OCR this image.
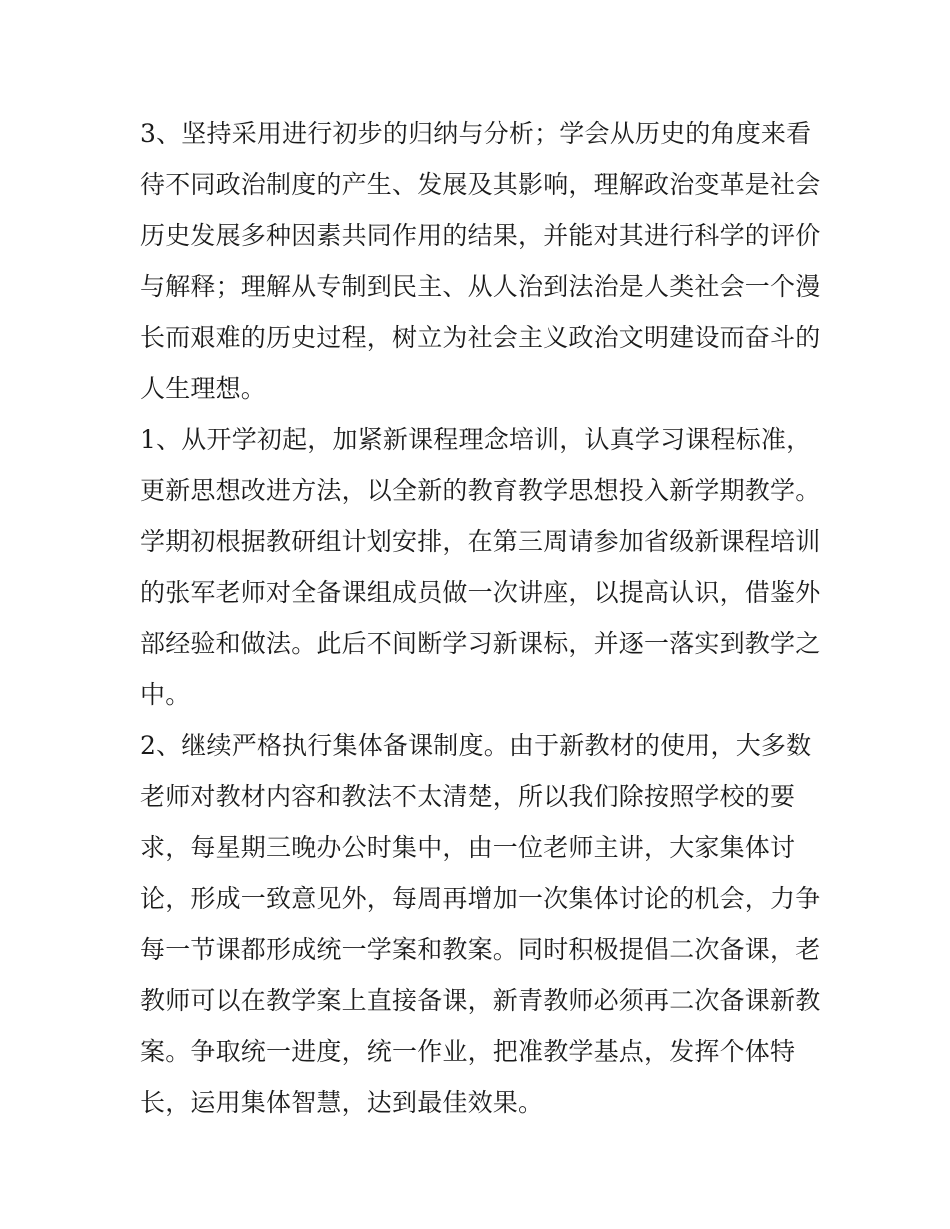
3、坚持采用进行初步的归纳与分析；学会从历史的角度来看
待不同政治制度的产生、发展及其影响，理解政治变革是社会
历史发展多种因素共同作用的结果，并能对其进行科学的评价
与解释；理解从专制到民主、从人治到法治是人类社会一个漫
长而艰难的历史过程，树立为社会主义政治文明建设而奋斗的
人生理想。
1、从开学初起，加紧新课程理念培训，认真学习课程标准，
更新思想改进方法，以全新的教育教学思想投入新学期教学。
学期初根据教研组计划安排，在第三周请参加省级新课程培训
的张军老师对全备课组成员做一次讲座，以提高认识，借鉴外
部经验和做法。此后不间断学习新课标，并逐一落实到教学之
中。
2、继续严格执行集体备课制度。由于新教材的使用，大多数
老师对教材内容和教法不太清楚，所以我们除按照学校的要
求，每星期三晚办公时集中，由一位老师主讲，大家集体讨
论，形成一致意见外，每周再增加一次集体讨论的机会，力争
每一节课都形成统一学案和教案。同时积极提倡二次备课，老
教师可以在教学案上直接备课，新青教师必须再二次备课新教
案。争取统一进度，统一作业，把准教学基点，发挥个体特
长，运用集体智慧，达到最佳效果。
